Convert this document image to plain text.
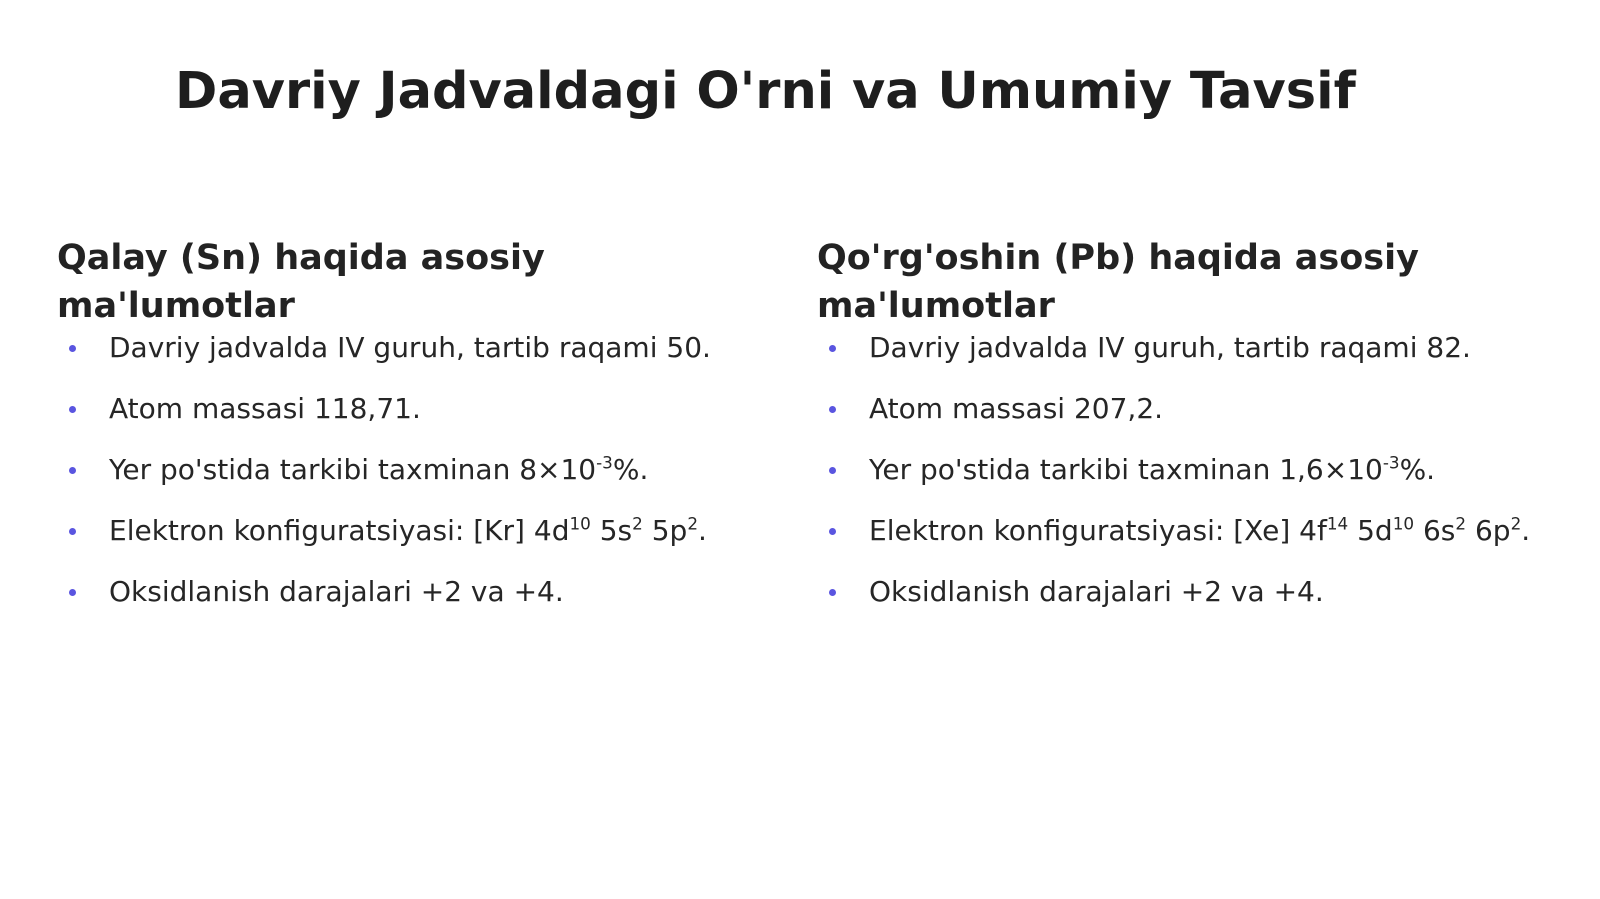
Davriy Jadvaldagi O'rni va Umumiy Tavsif
Qalay (Sn) haqida asosiy ma'lumotlar
Davriy jadvalda IV guruh, tartib raqami 50.
Atom massasi 118,71.
Yer po'stida tarkibi taxminan $8\times 10^{-3}\%$.
Elektron konfiguratsiyasi: [Kr] $4d^{10}$ $5s^2$ $5p^2$.
Oksidlanish darajalari +2 va +4.
Qo'rg'oshin (Pb) haqida asosiy ma'lumotlar
Davriy jadvalda IV guruh, tartib raqami 82.
Atom massasi 207,2.
Yer po'stida tarkibi taxminan $1,6\times 10^{-3}\%$.
Elektron konfiguratsiyasi: [Xe] $4f^{14}$ $5d^{10}$ $6s^2$ $6p^2$.
Oksidlanish darajalari +2 va +4.
